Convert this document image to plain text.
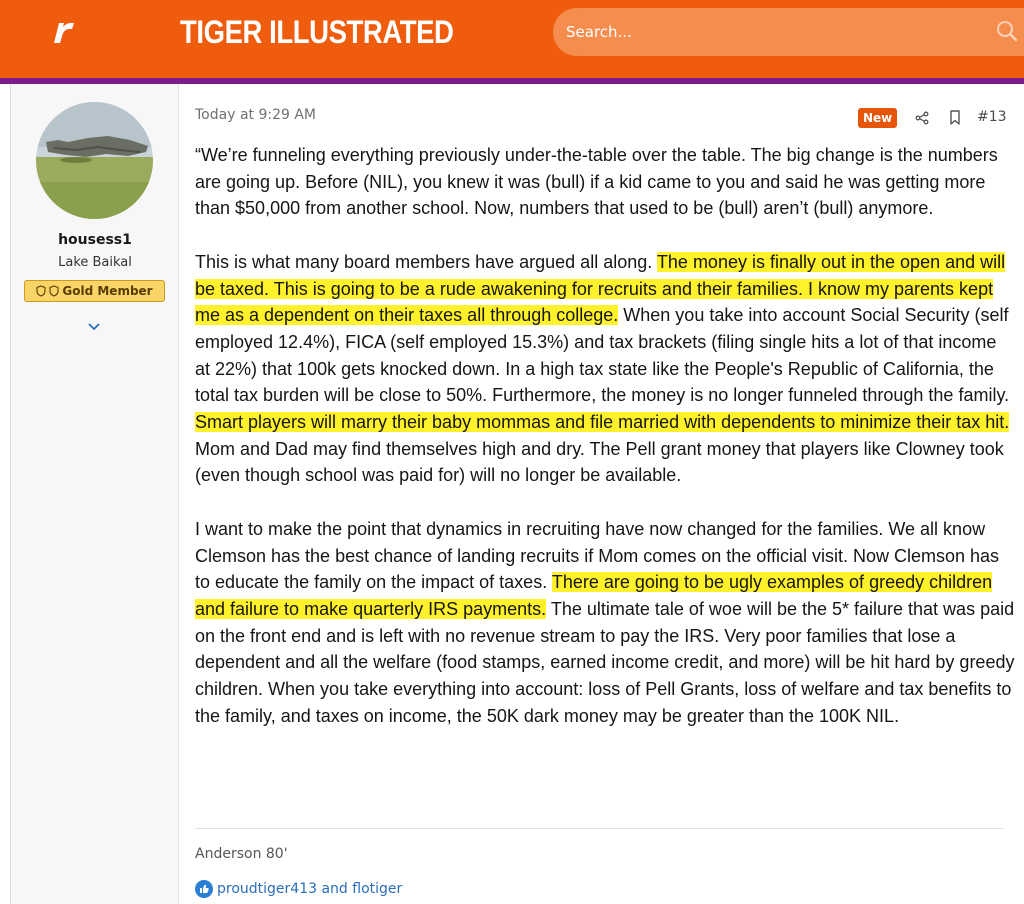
TIGER ILLUSTRATED
Search...
housess1
Lake Baikal
Gold Member
Today at 9:29 AM	New	#13

“We’re funneling everything previously under-the-table over the table. The big change is the numbers are going up. Before (NIL), you knew it was (bull) if a kid came to you and said he was getting more than $50,000 from another school. Now, numbers that used to be (bull) aren’t (bull) anymore.

This is what many board members have argued all along. The money is finally out in the open and will be taxed. This is going to be a rude awakening for recruits and their families. I know my parents kept me as a dependent on their taxes all through college. When you take into account Social Security (self employed 12.4%), FICA (self employed 15.3%) and tax brackets (filing single hits a lot of that income at 22%) that 100k gets knocked down. In a high tax state like the People's Republic of California, the total tax burden will be close to 50%. Furthermore, the money is no longer funneled through the family. Smart players will marry their baby mommas and file married with dependents to minimize their tax hit. Mom and Dad may find themselves high and dry. The Pell grant money that players like Clowney took (even though school was paid for) will no longer be available.

I want to make the point that dynamics in recruiting have now changed for the families. We all know Clemson has the best chance of landing recruits if Mom comes on the official visit. Now Clemson has to educate the family on the impact of taxes. There are going to be ugly examples of greedy children and failure to make quarterly IRS payments. The ultimate tale of woe will be the 5* failure that was paid on the front end and is left with no revenue stream to pay the IRS. Very poor families that lose a dependent and all the welfare (food stamps, earned income credit, and more) will be hit hard by greedy children. When you take everything into account: loss of Pell Grants, loss of welfare and tax benefits to the family, and taxes on income, the 50K dark money may be greater than the 100K NIL.

Anderson 80'
proudtiger413 and flotiger
